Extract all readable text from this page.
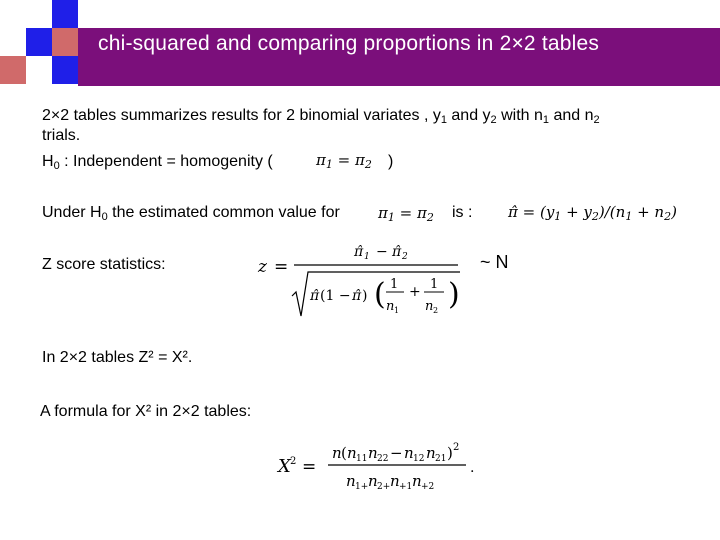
chi-squared and comparing proportions in 2×2 tables
2×2 tables summarizes results for 2 binomial variates , $y_1$ and $y_2$ with $n_1$ and $n_2$
trials.
$H_0$ : Independent = homogenity (	$\pi_1 = \pi_2$ )
Under $H_0$ the estimated common value for	$\pi_1 = \pi_2$ is : π̂ = $(y_1 + y_2)/(n_1 + n_2)$
Z score statistics:	z =
π̂ 1 − π̂ 2
π̂ (1 − π̂ ) ( 1
n 1
+ 1
n 2 )
~ N
In 2×2 tables Z² = Χ².
A formula for Χ² in 2×2 tables:
X 2 =
n ( n 11 n 22 − n 12 n 21 ) 2
n 1+ n 2+ n +1 n +2
.
